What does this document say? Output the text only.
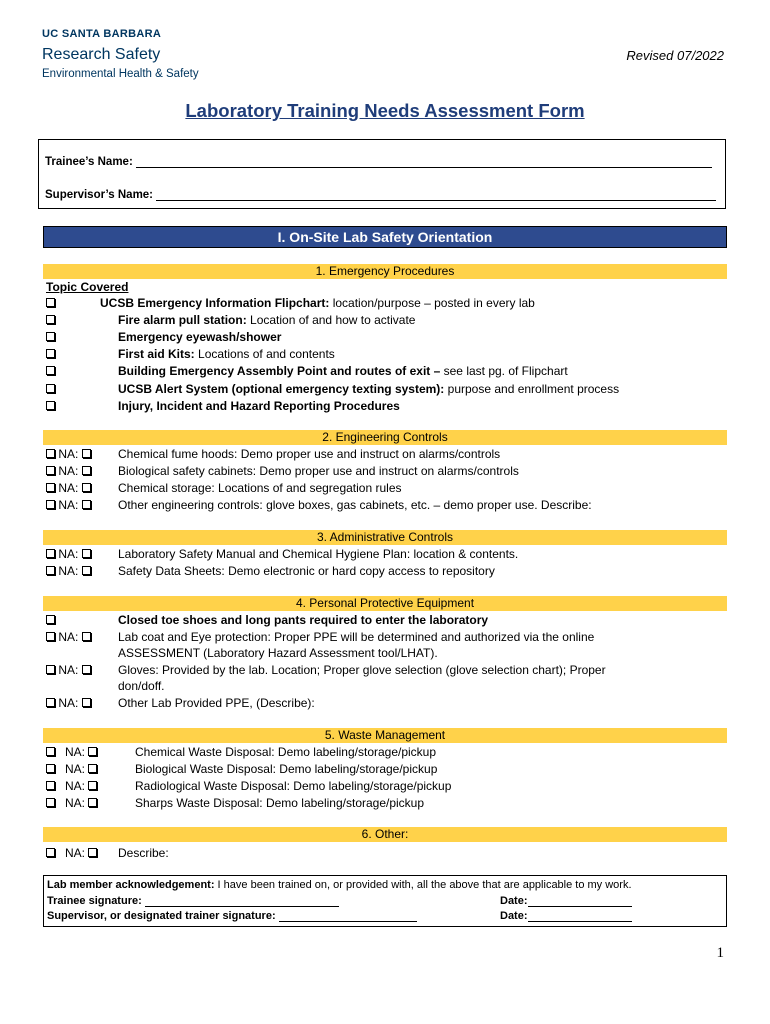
UC SANTA BARBARA
Research Safety
Environmental Health & Safety
Revised 07/2022
Laboratory Training Needs Assessment Form
Trainee’s Name:
Supervisor’s Name:
I. On-Site Lab Safety Orientation
1. Emergency Procedures
Topic Covered
UCSB Emergency Information Flipchart: location/purpose – posted in every lab
Fire alarm pull station: Location of and how to activate
Emergency eyewash/shower
First aid Kits: Locations of and contents
Building Emergency Assembly Point and routes of exit – see last pg. of Flipchart
UCSB Alert System (optional emergency texting system): purpose and enrollment process
Injury, Incident and Hazard Reporting Procedures
2. Engineering Controls
NA:	Chemical fume hoods: Demo proper use and instruct on alarms/controls
NA:	Biological safety cabinets: Demo proper use and instruct on alarms/controls
NA:	Chemical storage: Locations of and segregation rules
NA:	Other engineering controls: glove boxes, gas cabinets, etc. – demo proper use. Describe:
3. Administrative Controls
NA:	Laboratory Safety Manual and Chemical Hygiene Plan: location & contents.
NA:	Safety Data Sheets: Demo electronic or hard copy access to repository
4. Personal Protective Equipment
Closed toe shoes and long pants required to enter the laboratory
NA:	Lab coat and Eye protection: Proper PPE will be determined and authorized via the online
ASSESSMENT (Laboratory Hazard Assessment tool/LHAT).
NA:	Gloves: Provided by the lab. Location; Proper glove selection (glove selection chart); Proper
don/doff.
NA:	Other Lab Provided PPE, (Describe):
5. Waste Management
NA:	Chemical Waste Disposal: Demo labeling/storage/pickup
NA:	Biological Waste Disposal: Demo labeling/storage/pickup
NA:	Radiological Waste Disposal: Demo labeling/storage/pickup
NA:	Sharps Waste Disposal: Demo labeling/storage/pickup
6. Other:
NA:	Describe:
Lab member acknowledgement: I have been trained on, or provided with, all the above that are applicable to my work.
Trainee signature:	Date:
Supervisor, or designated trainer signature:	Date:
1
